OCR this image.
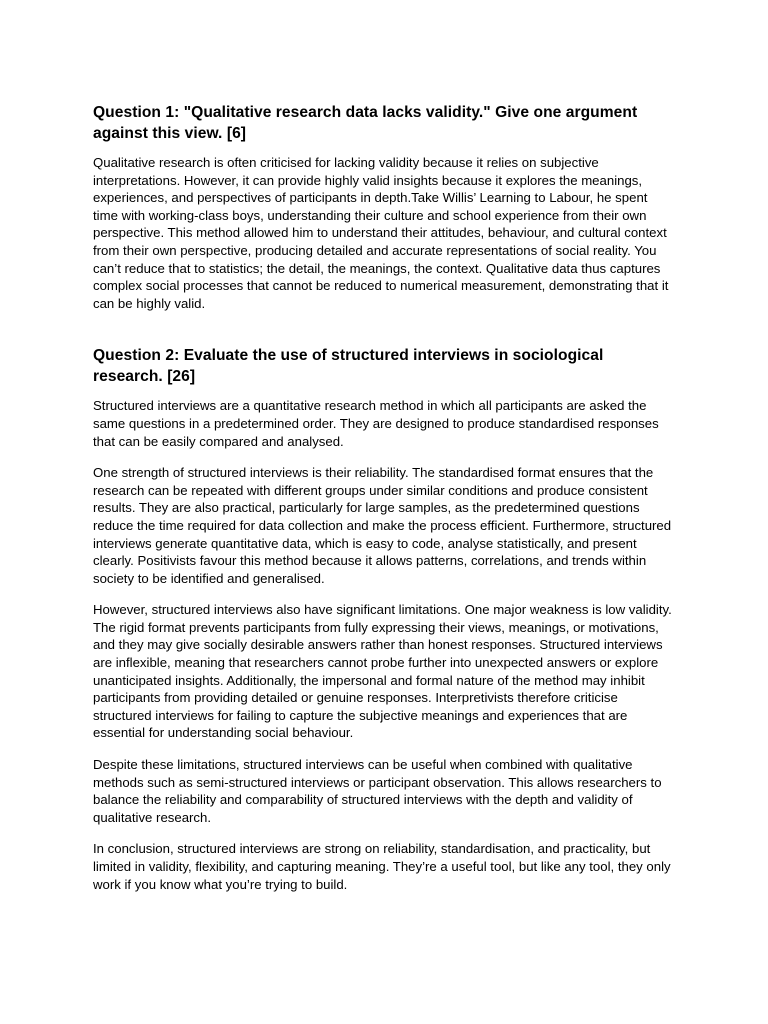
Question 1: "Qualitative research data lacks validity." Give one argument against this view. [6]

Qualitative research is often criticised for lacking validity because it relies on subjective interpretations. However, it can provide highly valid insights because it explores the meanings, experiences, and perspectives of participants in depth.Take Willis’ Learning to Labour, he spent time with working-class boys, understanding their culture and school experience from their own perspective. This method allowed him to understand their attitudes, behaviour, and cultural context from their own perspective, producing detailed and accurate representations of social reality. You can’t reduce that to statistics; the detail, the meanings, the context. Qualitative data thus captures complex social processes that cannot be reduced to numerical measurement, demonstrating that it can be highly valid.

Question 2: Evaluate the use of structured interviews in sociological research. [26]

Structured interviews are a quantitative research method in which all participants are asked the same questions in a predetermined order. They are designed to produce standardised responses that can be easily compared and analysed.

One strength of structured interviews is their reliability. The standardised format ensures that the research can be repeated with different groups under similar conditions and produce consistent results. They are also practical, particularly for large samples, as the predetermined questions reduce the time required for data collection and make the process efficient. Furthermore, structured interviews generate quantitative data, which is easy to code, analyse statistically, and present clearly. Positivists favour this method because it allows patterns, correlations, and trends within society to be identified and generalised.

However, structured interviews also have significant limitations. One major weakness is low validity. The rigid format prevents participants from fully expressing their views, meanings, or motivations, and they may give socially desirable answers rather than honest responses. Structured interviews are inflexible, meaning that researchers cannot probe further into unexpected answers or explore unanticipated insights. Additionally, the impersonal and formal nature of the method may inhibit participants from providing detailed or genuine responses. Interpretivists therefore criticise structured interviews for failing to capture the subjective meanings and experiences that are essential for understanding social behaviour.

Despite these limitations, structured interviews can be useful when combined with qualitative methods such as semi-structured interviews or participant observation. This allows researchers to balance the reliability and comparability of structured interviews with the depth and validity of qualitative research.

In conclusion, structured interviews are strong on reliability, standardisation, and practicality, but limited in validity, flexibility, and capturing meaning. They’re a useful tool, but like any tool, they only work if you know what you’re trying to build.
